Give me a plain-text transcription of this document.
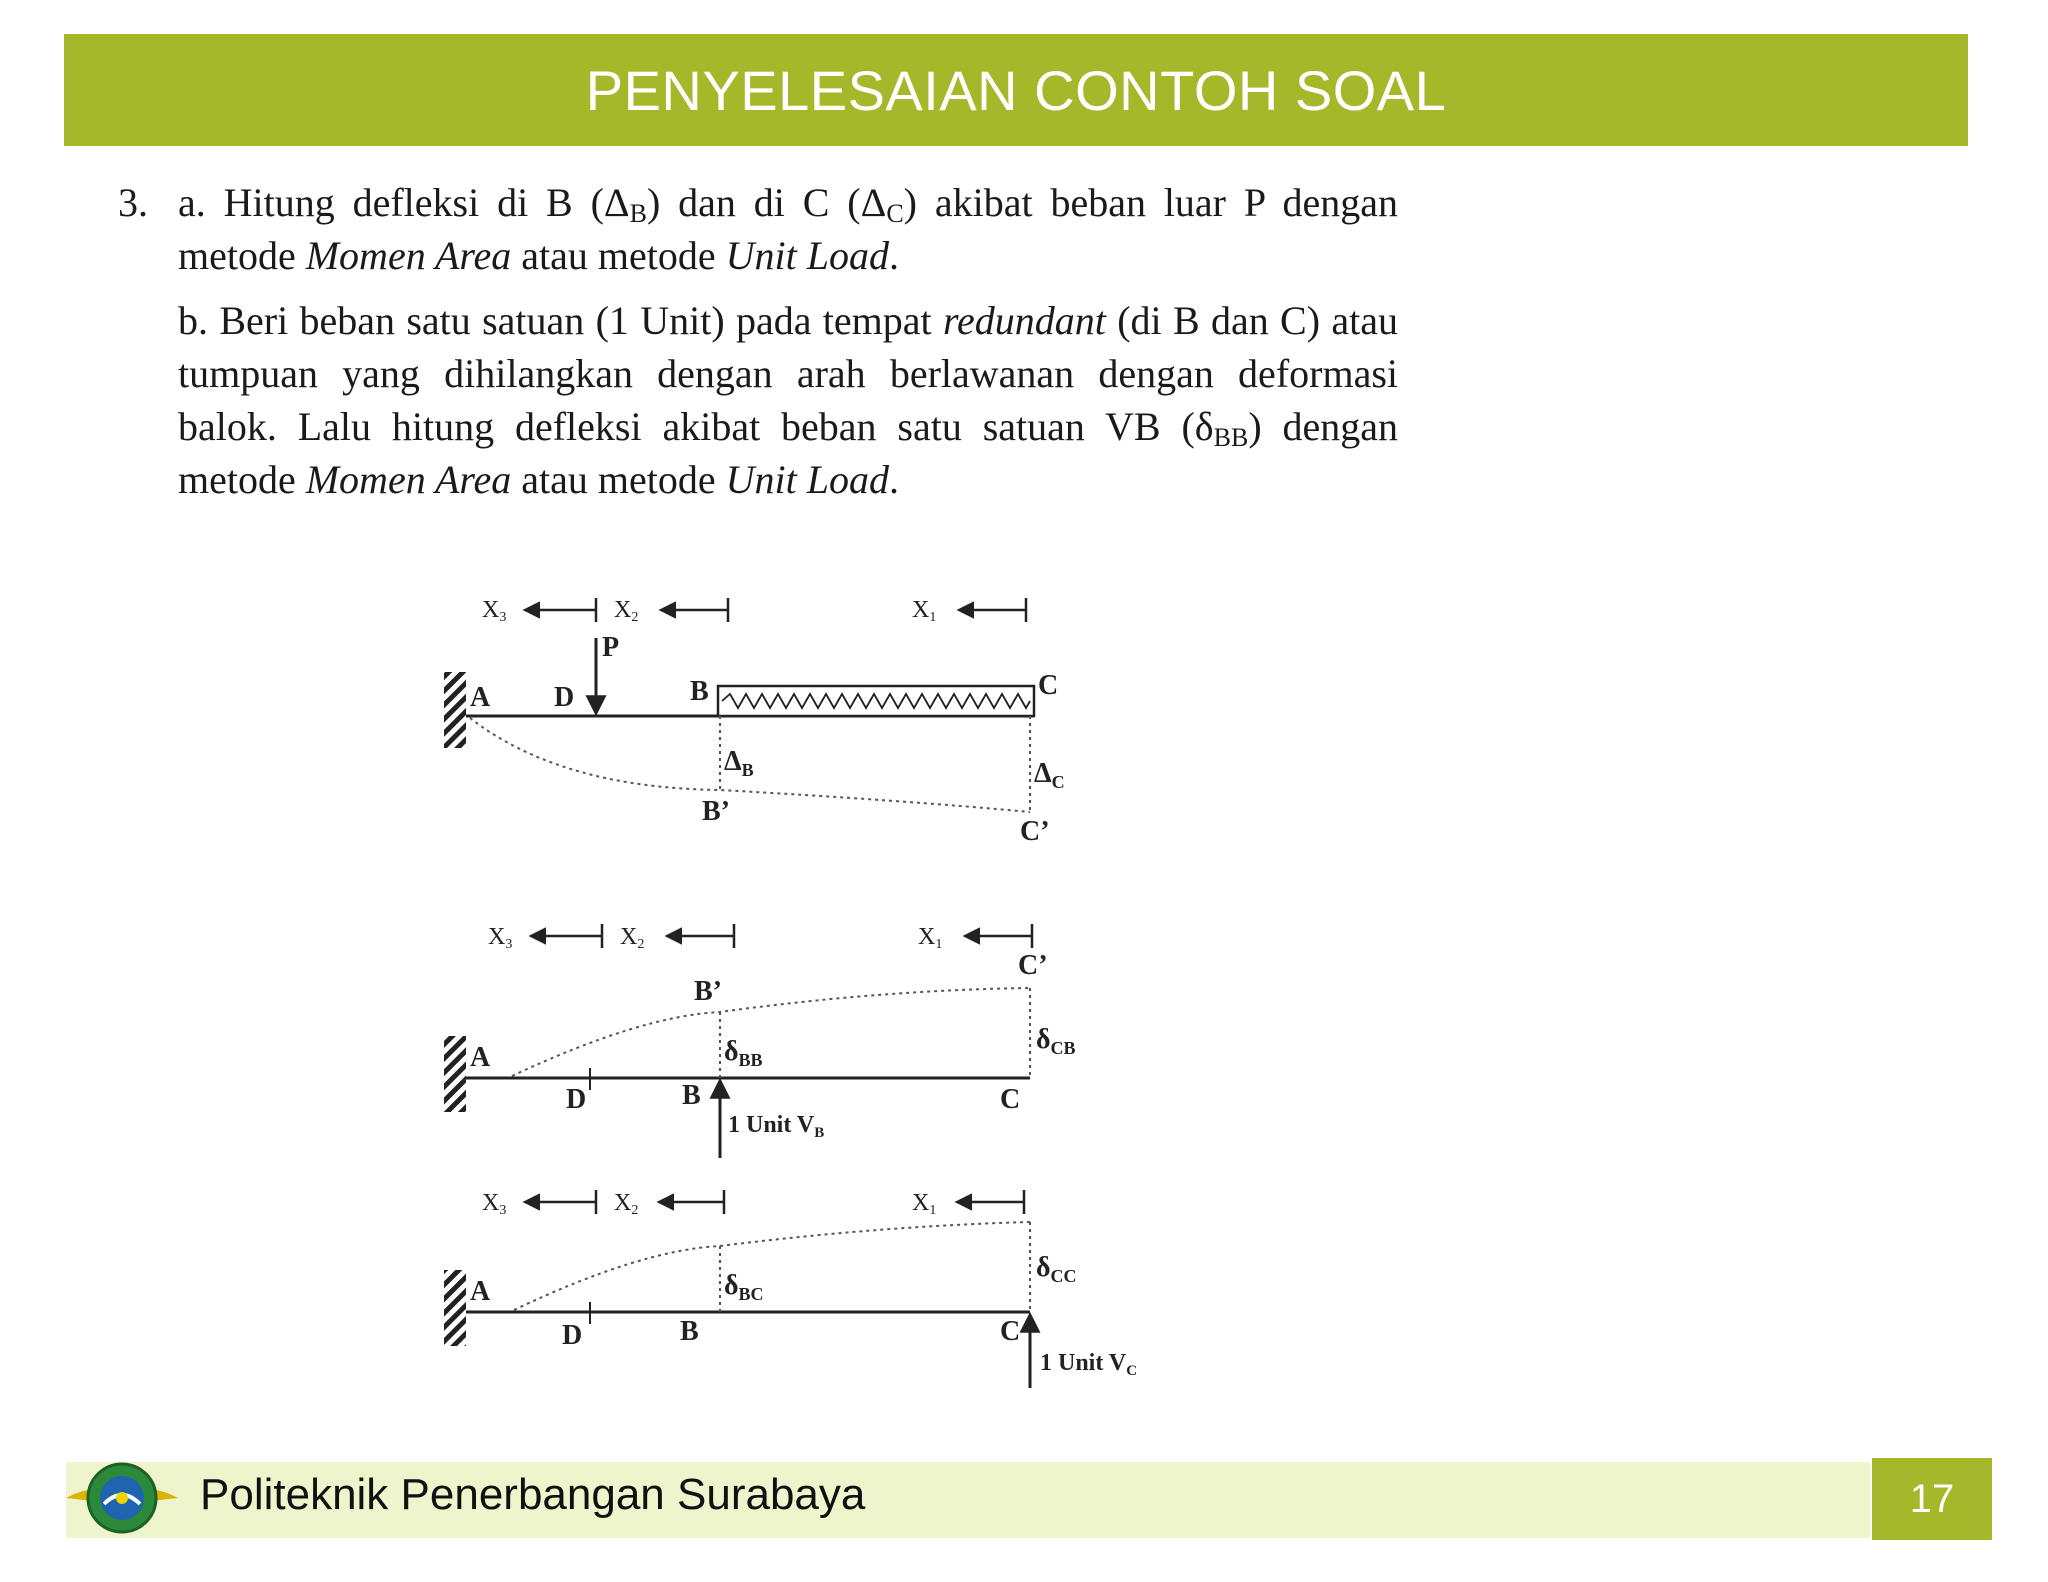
PENYELESAIAN CONTOH SOAL
3. a. Hitung defleksi di B $(\Delta_B)$ dan di C $(\Delta_C)$ akibat beban luar P dengan metode Momen Area atau metode Unit Load.

b. Beri beban satu satuan (1 Unit) pada tempat redundant (di B dan C) atau tumpuan yang dihilangkan dengan arah berlawanan dengan deformasi balok. Lalu hitung defleksi akibat beban satu satuan VB $(\delta_{BB})$ dengan metode Momen Area atau metode Unit Load.

X3	X2	X1
P
A D	B	C
$\Delta_B$	$\Delta_C$
B’
C’
X3	X2	X1
A
D	B	C
B’
C’
$\delta_{BB}$
$\delta_{CB}$
1 Unit $V_B$
X3	X2	X1
A
D	B	C
$\delta_{BC}$
$\delta_{CC}$
1 Unit $V_C$
Politeknik Penerbangan Surabaya	17
